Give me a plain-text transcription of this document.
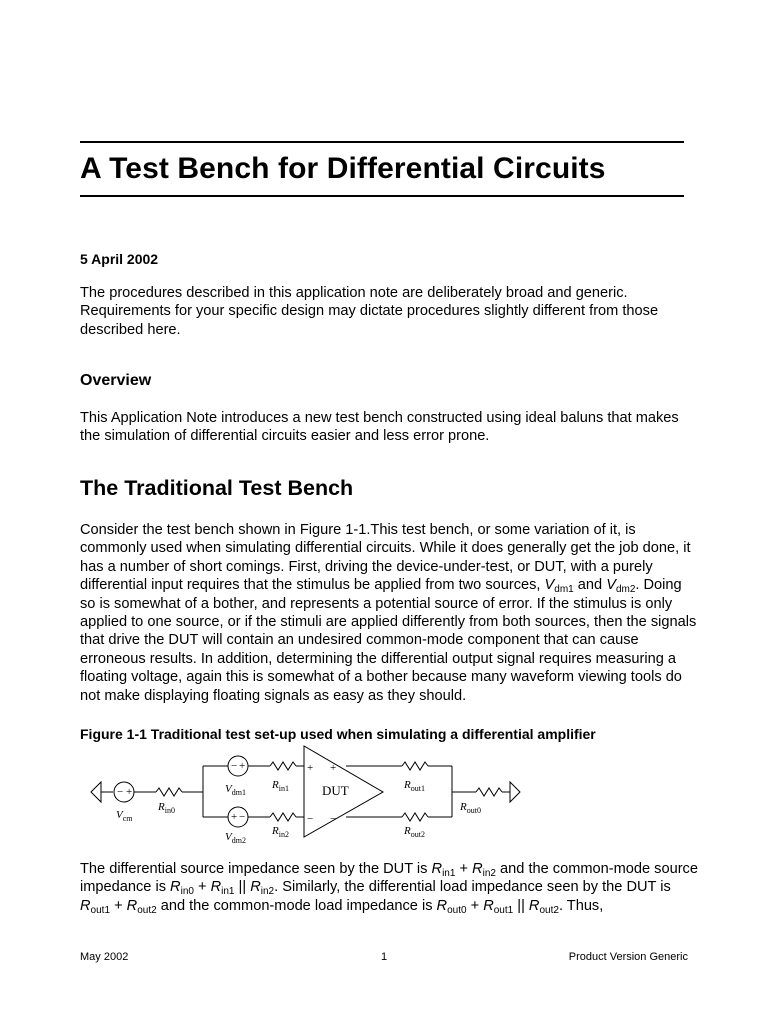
A Test Bench for Differential Circuits
5 April 2002
The procedures described in this application note are deliberately broad and generic. Requirements for your specific design may dictate procedures slightly different from those described here.
Overview
This Application Note introduces a new test bench constructed using ideal baluns that makes the simulation of differential circuits easier and less error prone.
The Traditional Test Bench
Consider the test bench shown in Figure 1-1.This test bench, or some variation of it, is commonly used when simulating differential circuits. While it does generally get the job done, it has a number of short comings. First, driving the device-under-test, or DUT, with a purely differential input requires that the stimulus be applied from two sources, $V_{dm1}$ and $V_{dm2}$. Doing so is somewhat of a bother, and represents a potential source of error. If the stimulus is only applied to one source, or if the stimuli are applied differently from both sources, then the signals that drive the DUT will contain an undesired common-mode component that can cause erroneous results. In addition, determining the differential output signal requires measuring a floating voltage, again this is somewhat of a bother because many waveform viewing tools do not make displaying floating signals as easy as they should.
Figure 1-1 Traditional test set-up used when simulating a differential amplifier
− +
− +
+ −
+ +
− −
DUT
$V_{cm}$
$R_{in0}$
$V_{dm1}$
$R_{in1}$
$V_{dm2}$
$R_{in2}$
$R_{out1}$
$R_{out2}$
$R_{out0}$
The differential source impedance seen by the DUT is $R_{in1} + R_{in2}$ and the common-mode source impedance is $R_{in0} + R_{in1}$ || $R_{in2}$. Similarly, the differential load impedance seen by the DUT is $R_{out1} + R_{out2}$ and the common-mode load impedance is $R_{out0} + R_{out1}$ || $R_{out2}$. Thus,
May 2002	1	Product Version Generic
